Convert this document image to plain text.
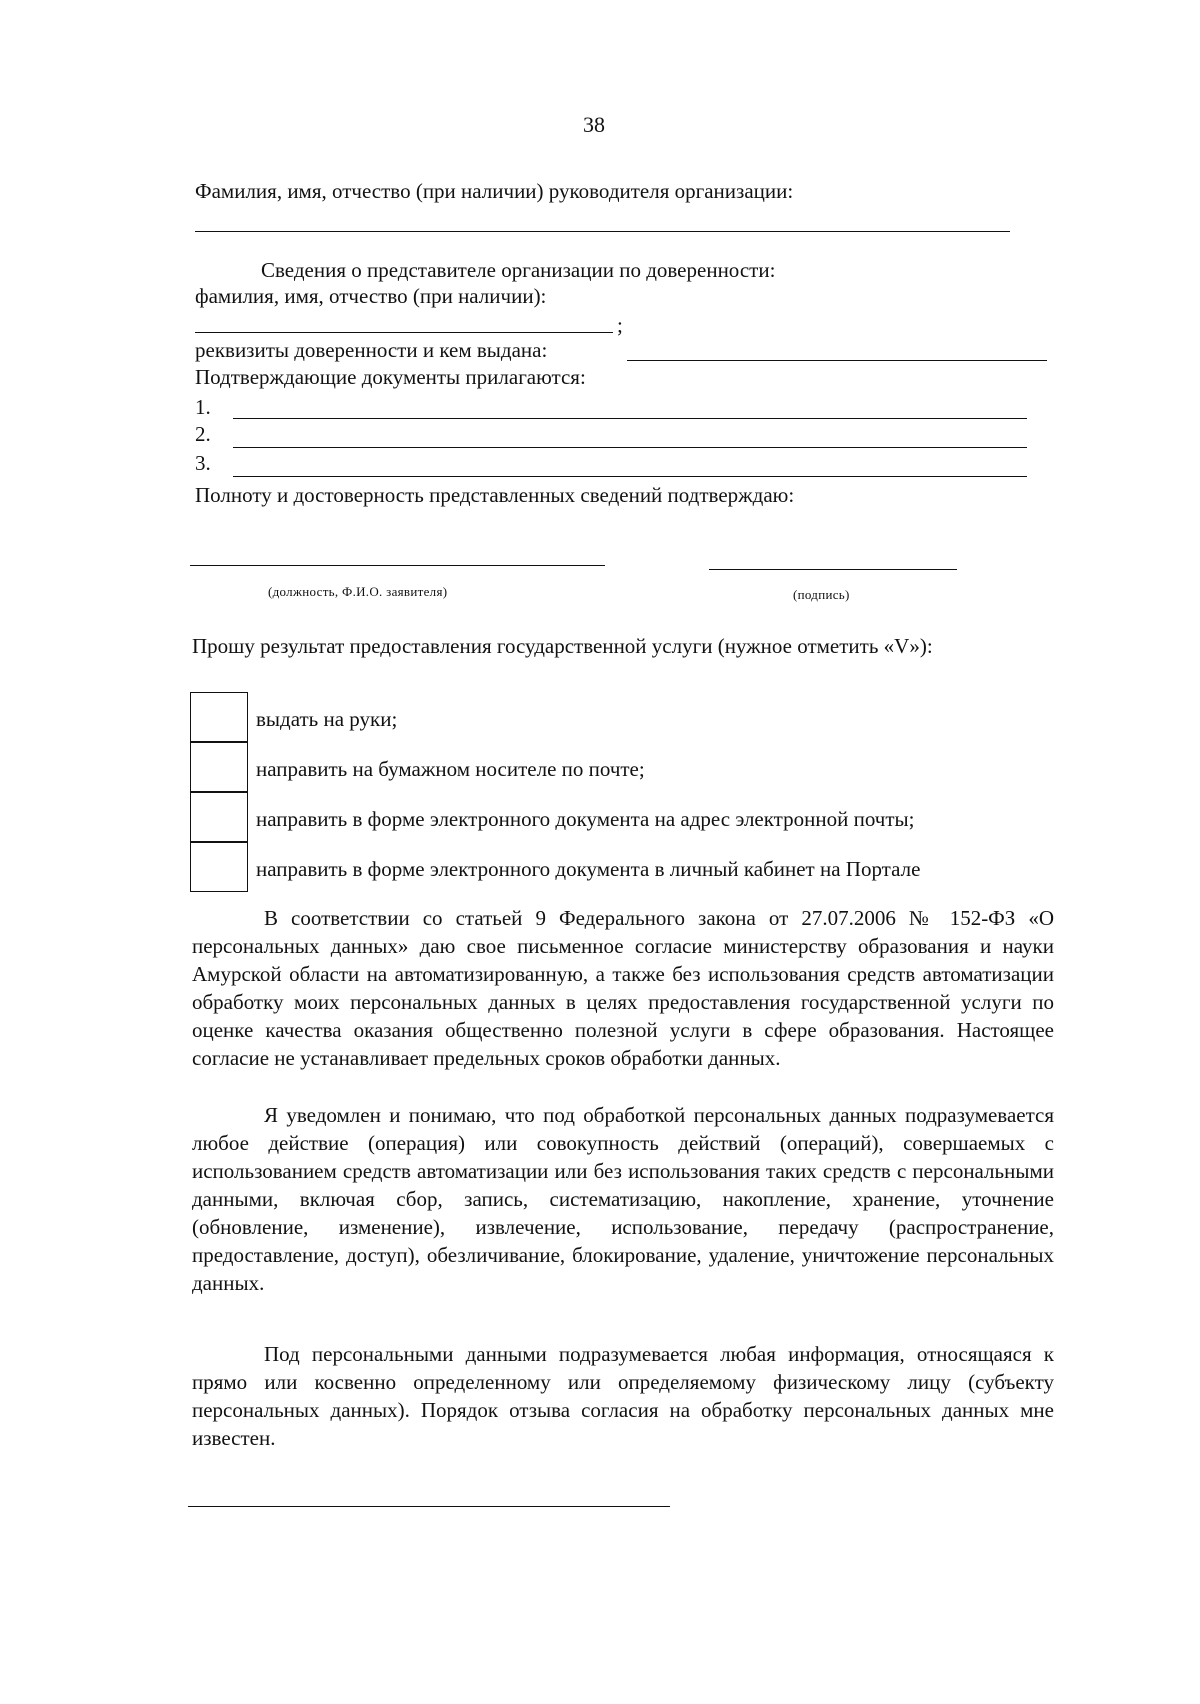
38
Фамилия, имя, отчество (при наличии) руководителя организации:
Сведения о представителе организации по доверенности:
фамилия, имя, отчество (при наличии):
;
реквизиты доверенности и кем выдана:
Подтверждающие документы прилагаются:
1.
2.
3.
Полноту и достоверность представленных сведений подтверждаю:
(должность, Ф.И.О. заявителя)	(подпись)
Прошу результат предоставления государственной услуги (нужное отметить «V»):
выдать на руки;
направить на бумажном носителе по почте;
направить в форме электронного документа на адрес электронной почты;
направить в форме электронного документа в личный кабинет на Портале
В соответствии со статьей 9 Федерального закона от 27.07.2006 № 152-ФЗ «О персональных данных» даю свое письменное согласие министерству образования и науки Амурской области на автоматизированную, а также без использования средств автоматизации обработку моих персональных данных в целях предоставления государственной услуги по оценке качества оказания общественно полезной услуги в сфере образования. Настоящее согласие не устанавливает предельных сроков обработки данных.
Я уведомлен и понимаю, что под обработкой персональных данных подразумевается любое действие (операция) или совокупность действий (операций), совершаемых с использованием средств автоматизации или без использования таких средств с персональными данными, включая сбор, запись, систематизацию, накопление, хранение, уточнение (обновление, изменение), извлечение, использование, передачу (распространение, предоставление, доступ), обезличивание, блокирование, удаление, уничтожение персональных данных.
Под персональными данными подразумевается любая информация, относящаяся к прямо или косвенно определенному или определяемому физическому лицу (субъекту персональных данных). Порядок отзыва согласия на обработку персональных данных мне известен.
